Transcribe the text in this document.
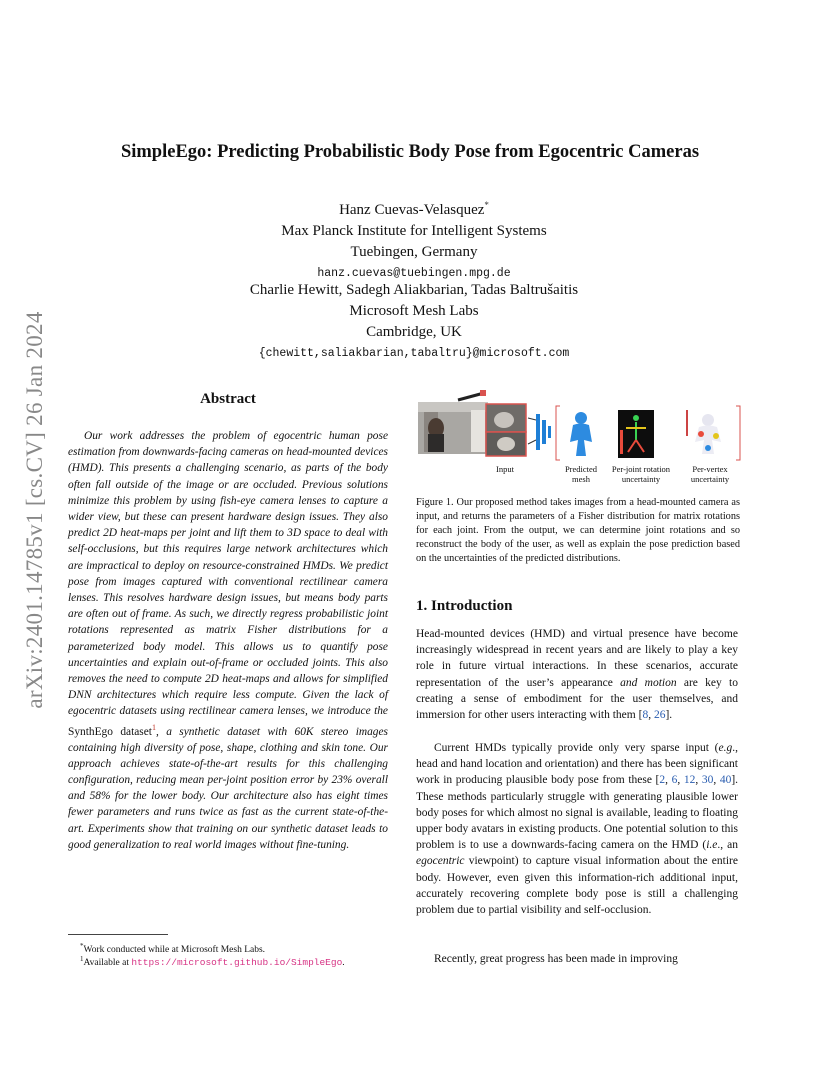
arXiv:2401.14785v1 [cs.CV] 26 Jan 2024
SimpleEgo: Predicting Probabilistic Body Pose from Egocentric Cameras
Hanz Cuevas-Velasquez*
Max Planck Institute for Intelligent Systems
Tuebingen, Germany
hanz.cuevas@tuebingen.mpg.de
Charlie Hewitt, Sadegh Aliakbarian, Tadas Baltrušaitis
Microsoft Mesh Labs
Cambridge, UK
{chewitt,saliakbarian,tabaltru}@microsoft.com
Abstract

Our work addresses the problem of egocentric human pose estimation from downwards-facing cameras on head-mounted devices (HMD). This presents a challenging scenario, as parts of the body often fall outside of the image or are occluded. Previous solutions minimize this problem by using fish-eye camera lenses to capture a wider view, but these can present hardware design issues. They also predict 2D heat-maps per joint and lift them to 3D space to deal with self-occlusions, but this requires large network architectures which are impractical to deploy on resource-constrained HMDs. We predict pose from images captured with conventional rectilinear camera lenses. This resolves hardware design issues, but means body parts are often out of frame. As such, we directly regress probabilistic joint rotations represented as matrix Fisher distributions for a parameterized body model. This allows us to quantify pose uncertainties and explain out-of-frame or occluded joints. This also removes the need to compute 2D heat-maps and allows for simplified DNN architectures which require less compute. Given the lack of egocentric datasets using rectilinear camera lenses, we introduce the SynthEgo dataset$^1$, a synthetic dataset with 60K stereo images containing high diversity of pose, shape, clothing and skin tone. Our approach achieves state-of-the-art results for this challenging configuration, reducing mean per-joint position error by 23% overall and 58% for the lower body. Our architecture also has eight times fewer parameters and runs twice as fast as the current state-of-the-art. Experiments show that training on our synthetic dataset leads to good generalization to real world images without fine-tuning.

*Work conducted while at Microsoft Mesh Labs.
$^1$Available at https://microsoft.github.io/SimpleEgo.
Input	Predicted mesh
Per-joint rotation uncertainty
Per-vertex uncertainty
Figure 1. Our proposed method takes images from a head-mounted camera as input, and returns the parameters of a Fisher distribution for matrix rotations for each joint. From the output, we can determine joint rotations and so reconstruct the body of the user, as well as explain the pose prediction based on the uncertainties of the predicted distributions.
1. Introduction

Head-mounted devices (HMD) and virtual presence have become increasingly widespread in recent years and are likely to play a key role in future virtual interactions. In these scenarios, accurate representation of the user’s appearance and motion are key to creating a sense of embodiment for the user themselves, and immersion for other users interacting with them [8, 26].

Current HMDs typically provide only very sparse input (e.g., head and hand location and orientation) and there has been significant work in producing plausible body pose from these [2, 6, 12, 30, 40]. These methods particularly struggle with generating plausible lower body poses for which almost no signal is available, leading to floating upper body avatars in existing products. One potential solution to this problem is to use a downwards-facing camera on the HMD (i.e., an egocentric viewpoint) to capture visual information about the entire body. However, even given this information-rich additional input, accurately recovering complete body pose is still a challenging problem due to partial visibility and self-occlusion.

Recently, great progress has been made in improving
